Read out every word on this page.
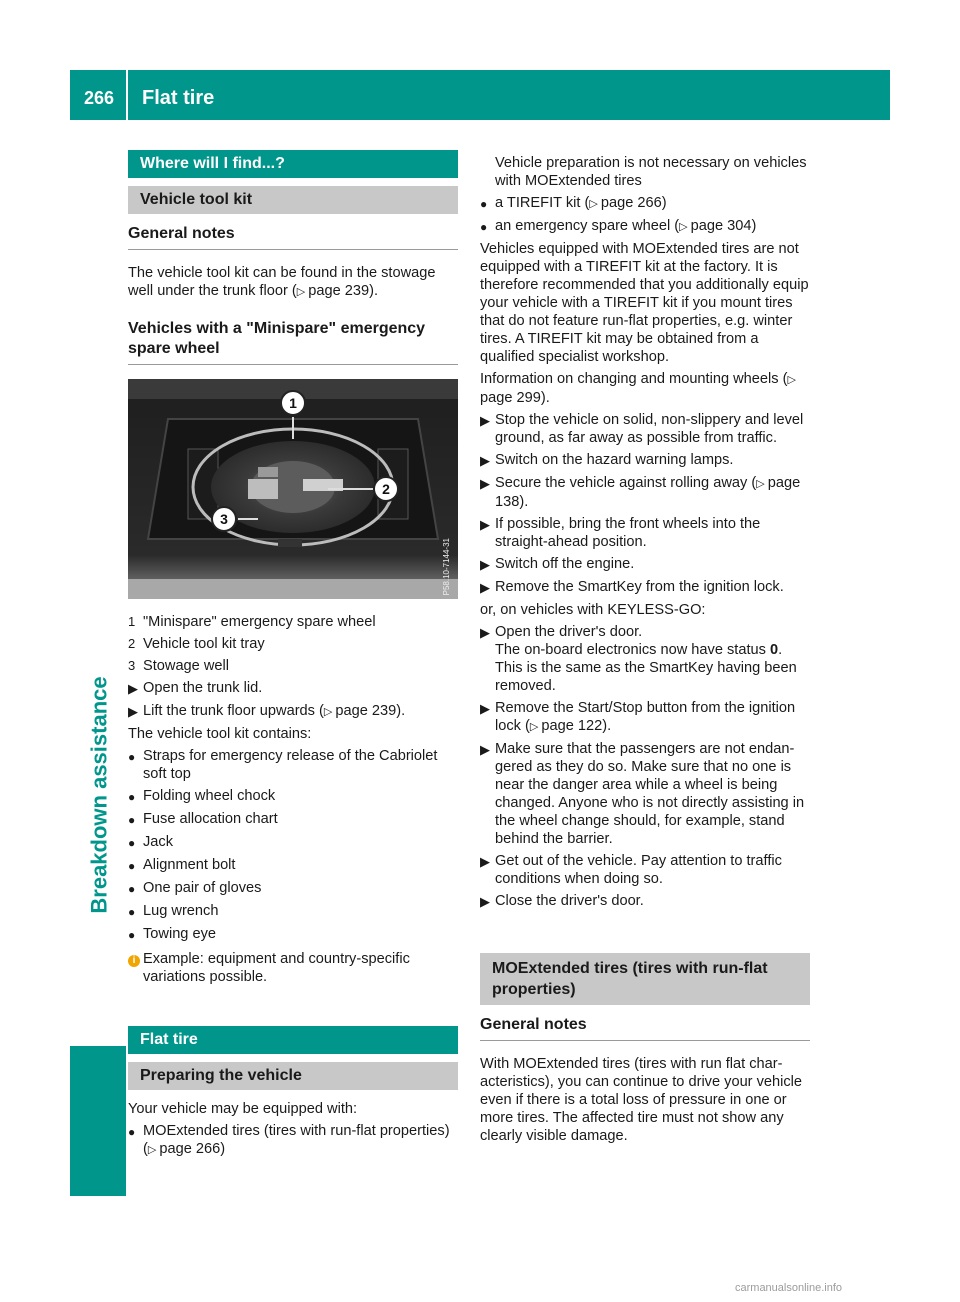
266	Flat tire
Breakdown assistance
Where will I find...?
Vehicle tool kit
General notes

The vehicle tool kit can be found in the stowage well under the trunk floor (▷ page 239).

Vehicles with a "Minispare" emergency spare wheel
1
2
3
P58.10-7144-31
1 "Minispare" emergency spare wheel
2 Vehicle tool kit tray
3 Stowage well
▶ Open the trunk lid.
▶ Lift the trunk floor upwards (▷ page 239).

The vehicle tool kit contains:

● Straps for emergency release of the Cabriolet soft top
● Folding wheel chock
● Fuse allocation chart
● Jack
● Alignment bolt
● One pair of gloves
● Lug wrench
● Towing eye
i Example: equipment and country-specific variations possible.
Flat tire
Preparing the vehicle

Your vehicle may be equipped with:

● MOExtended tires (tires with run-flat properties) (▷ page 266)

Vehicle preparation is not necessary on vehicles with MOExtended tires

● a TIREFIT kit (▷ page 266)
● an emergency spare wheel (▷ page 304)

Vehicles equipped with MOExtended tires are not equipped with a TIREFIT kit at the factory. It is therefore recommended that you additionally equip your vehicle with a TIREFIT kit if you mount tires that do not feature run-flat properties, e.g. winter tires. A TIREFIT kit may be obtained from a qualified specialist workshop.

Information on changing and mounting wheels (▷ page 299).

▶ Stop the vehicle on solid, non-slippery and level ground, as far away as possible from traffic.
▶ Switch on the hazard warning lamps.
▶ Secure the vehicle against rolling away (▷ page 138).
▶ If possible, bring the front wheels into the straight-ahead position.
▶ Switch off the engine.
▶ Remove the SmartKey from the ignition lock.

or, on vehicles with KEYLESS-GO:

▶ Open the driver's door.
The on-board electronics now have status 0.
This is the same as the SmartKey having been removed.
▶ Remove the Start/Stop button from the ignition lock (▷ page 122).
▶ Make sure that the passengers are not endangered as they do so. Make sure that no one is near the danger area while a wheel is being changed. Anyone who is not directly assisting in the wheel change should, for example, stand behind the barrier.
▶ Get out of the vehicle. Pay attention to traffic conditions when doing so.
▶ Close the driver's door.
MOExtended tires (tires with run-flat properties)
General notes

With MOExtended tires (tires with run flat characteristics), you can continue to drive your vehicle even if there is a total loss of pressure in one or more tires. The affected tire must not show any clearly visible damage.

carmanualsonline.info
